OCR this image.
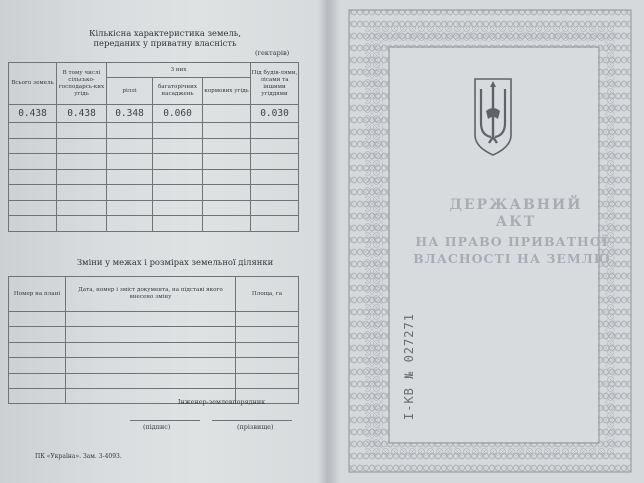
Кількісна характеристика земель,
переданих у приватну власність
(гектарів)
Всього земель	В тому числі сільсько-господарсь-ких угідь	З них			Під будів-лями, лісами та іншими угіддями
		ріллі	багаторічних насаджень	кормових угідь	
0.438	0.438	0.348	0.060		0.030

Зміни у межах і розмірах земельної ділянки
Номер на плані	Дата, номер і зміст документа, на підставі якого внесено зміну	Площа, га

Інженер-землевпорядник
(підпис)	(прізвище)
ПК «Україна». Зам. 3-4093.
ДЕРЖАВНИЙ
АКТ
НА ПРАВО ПРИВАТНОЇ
ВЛАСНОСТІ НА ЗЕМЛЮ
I-КВ № 027271
